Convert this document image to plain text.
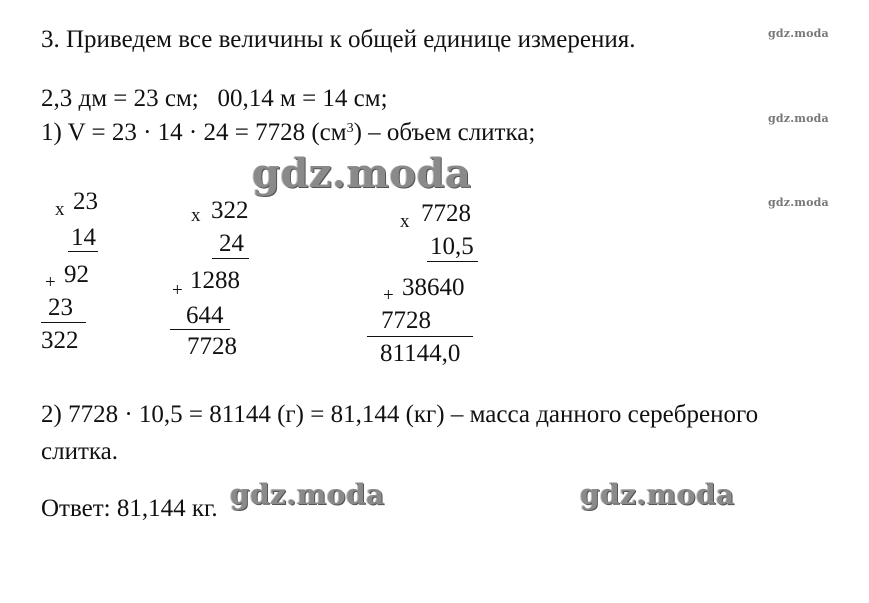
3. Приведем все величины к общей единице измерения.
2,3 дм = 23 см;   00,14 м = 14 см;
1) V = 23 · 14 · 24 = 7728 $(см^3)$ – объем слитка;
x 23
14
+ 92
23
322
x 322
24
+ 1288
644
7728
x 7728
10,5
+ 38640
7728
81144,0
2) 7728 · 10,5 = 81144 (г) = 81,144 (кг) – масса данного серебреного
слитка.
Ответ: 81,144 кг.
gdz.moda
gdz.moda
gdz.moda
gdz.moda
gdz.moda	gdz.moda
